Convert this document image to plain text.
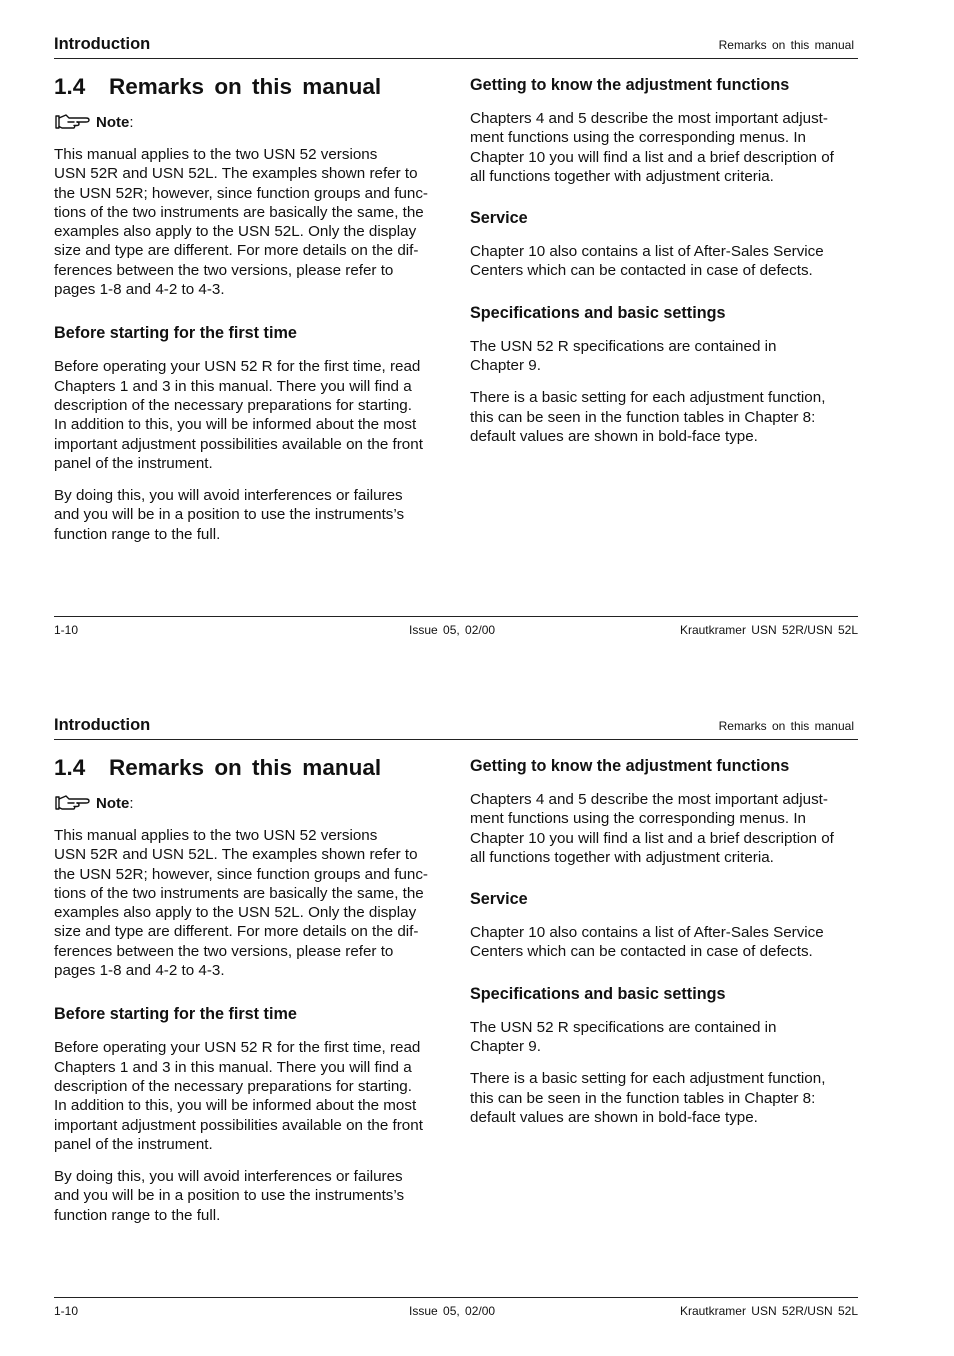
Introduction	Remarks on this manual
1.4 Remarks on this manual
Note:

This manual applies to the two USN 52 versions
USN 52R and USN 52L. The examples shown refer to
the USN 52R; however, since function groups and func-
tions of the two instruments are basically the same, the
examples also apply to the USN 52L. Only the display
size and type are different. For more details on the dif-
ferences between the two versions, please refer to
pages 1-8 and 4-2 to 4-3.

Before starting for the first time

Before operating your USN 52 R for the first time, read
Chapters 1 and 3 in this manual. There you will find a
description of the necessary preparations for starting.
In addition to this, you will be informed about the most
important adjustment possibilities available on the front
panel of the instrument.

By doing this, you will avoid interferences or failures
and you will be in a position to use the instruments’s
function range to the full.

Getting to know the adjustment functions

Chapters 4 and 5 describe the most important adjust-
ment functions using the corresponding menus. In
Chapter 10 you will find a list and a brief description of
all functions together with adjustment criteria.

Service

Chapter 10 also contains a list of After-Sales Service
Centers which can be contacted in case of defects.

Specifications and basic settings

The USN 52 R specifications are contained in
Chapter 9.

There is a basic setting for each adjustment function,
this can be seen in the function tables in Chapter 8:
default values are shown in bold-face type.

1-10	Issue 05, 02/00	Krautkramer USN 52R/USN 52L
Introduction	Remarks on this manual
1.4 Remarks on this manual
Note:

This manual applies to the two USN 52 versions
USN 52R and USN 52L. The examples shown refer to
the USN 52R; however, since function groups and func-
tions of the two instruments are basically the same, the
examples also apply to the USN 52L. Only the display
size and type are different. For more details on the dif-
ferences between the two versions, please refer to
pages 1-8 and 4-2 to 4-3.

Before starting for the first time

Before operating your USN 52 R for the first time, read
Chapters 1 and 3 in this manual. There you will find a
description of the necessary preparations for starting.
In addition to this, you will be informed about the most
important adjustment possibilities available on the front
panel of the instrument.

By doing this, you will avoid interferences or failures
and you will be in a position to use the instruments’s
function range to the full.

Getting to know the adjustment functions

Chapters 4 and 5 describe the most important adjust-
ment functions using the corresponding menus. In
Chapter 10 you will find a list and a brief description of
all functions together with adjustment criteria.

Service

Chapter 10 also contains a list of After-Sales Service
Centers which can be contacted in case of defects.

Specifications and basic settings

The USN 52 R specifications are contained in
Chapter 9.

There is a basic setting for each adjustment function,
this can be seen in the function tables in Chapter 8:
default values are shown in bold-face type.

1-10	Issue 05, 02/00	Krautkramer USN 52R/USN 52L
